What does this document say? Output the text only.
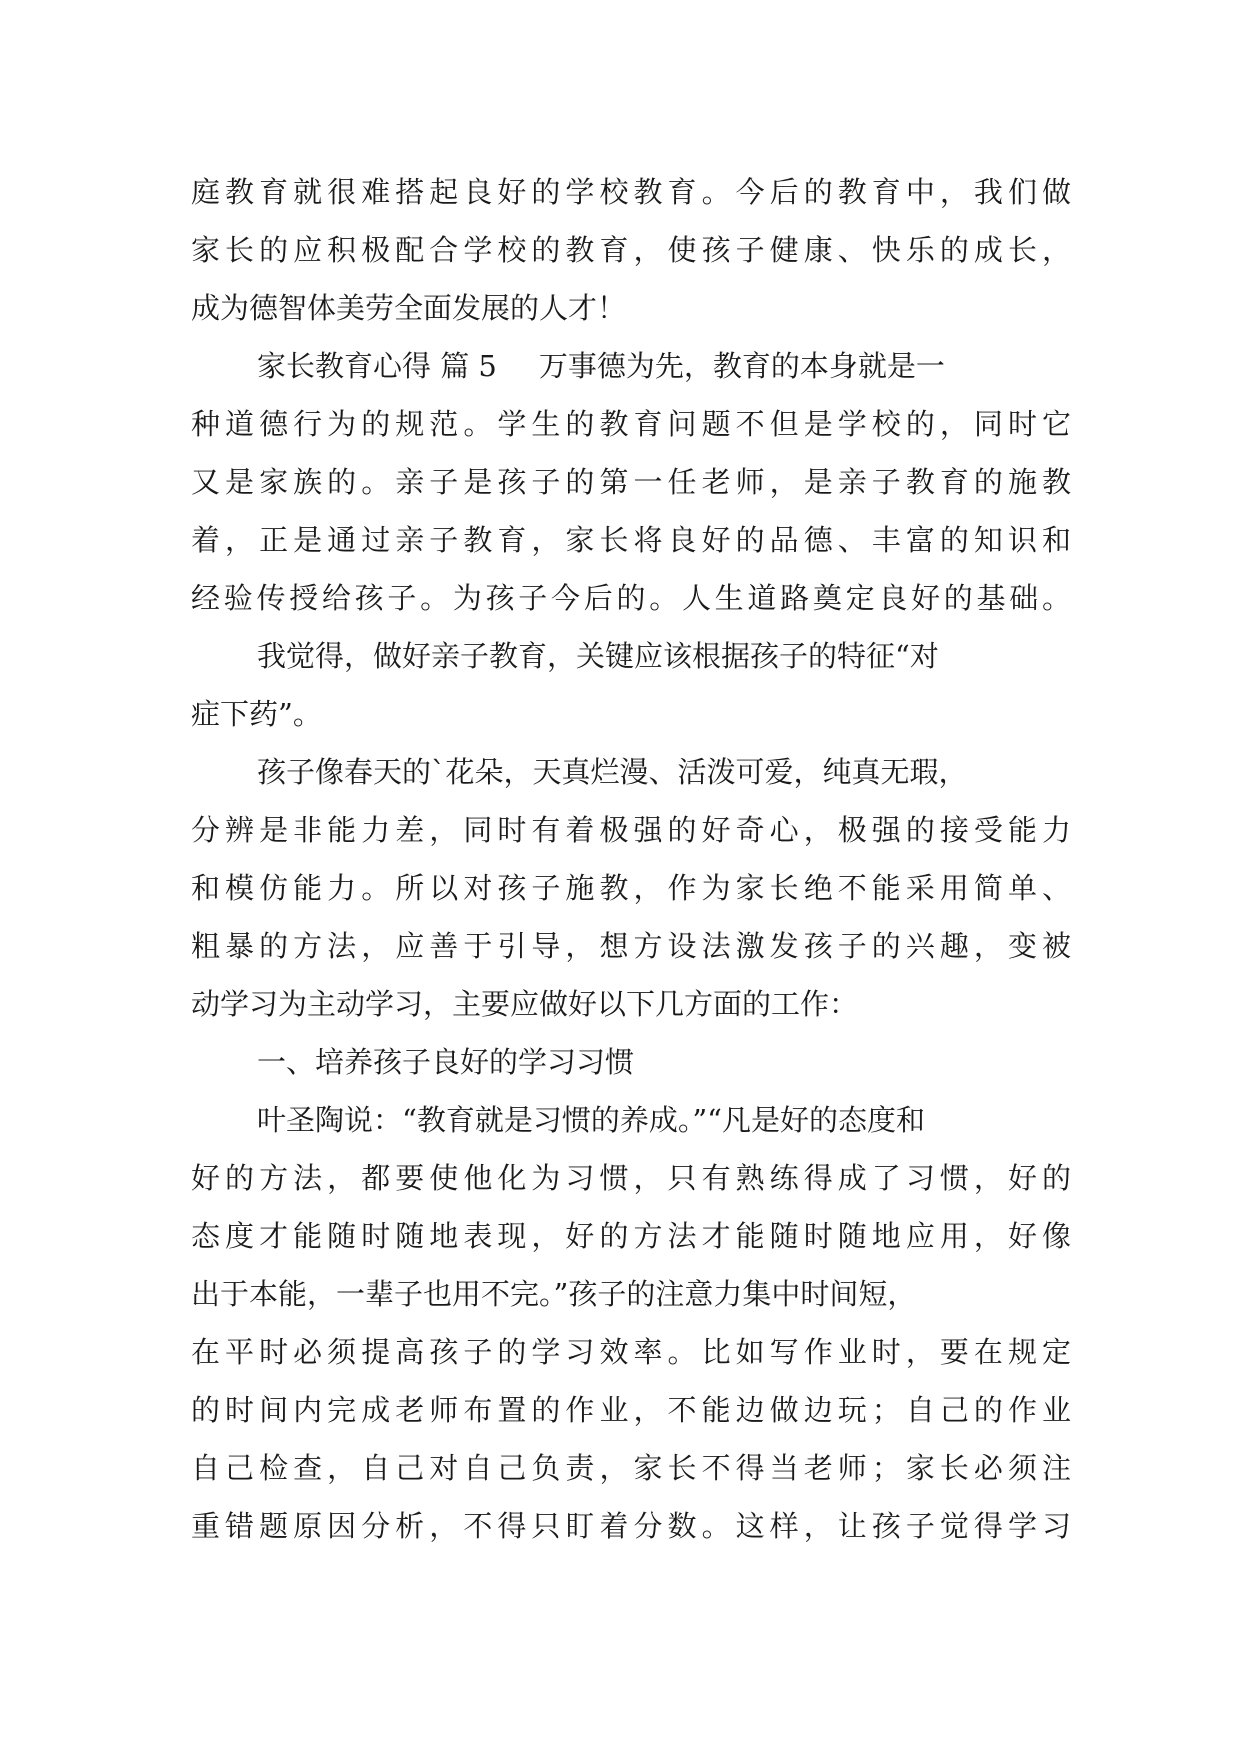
庭教育就很难搭起良好的学校教育。今后的教育中，我们做
家长的应积极配合学校的教育，使孩子健康、快乐的成长，
成为德智体美劳全面发展的人才！
家长教育心得 篇 5 万事德为先，教育的本身就是一
种道德行为的规范。学生的教育问题不但是学校的，同时它
又是家族的。亲子是孩子的第一任老师，是亲子教育的施教
着，正是通过亲子教育，家长将良好的品德、丰富的知识和
经验传授给孩子。为孩子今后的。人生道路奠定良好的基础。
我觉得，做好亲子教育，关键应该根据孩子的特征“对
症下药”。
孩子像春天的`花朵，天真烂漫、活泼可爱，纯真无瑕，
分辨是非能力差，同时有着极强的好奇心，极强的接受能力
和模仿能力。所以对孩子施教，作为家长绝不能采用简单、
粗暴的方法，应善于引导，想方设法激发孩子的兴趣，变被
动学习为主动学习，主要应做好以下几方面的工作：
一、培养孩子良好的学习习惯
叶圣陶说：“教育就是习惯的养成。”“凡是好的态度和
好的方法，都要使他化为习惯，只有熟练得成了习惯，好的
态度才能随时随地表现，好的方法才能随时随地应用，好像
出于本能，一辈子也用不完。”孩子的注意力集中时间短，
在平时必须提高孩子的学习效率。比如写作业时，要在规定
的时间内完成老师布置的作业，不能边做边玩；自己的作业
自己检查，自己对自己负责，家长不得当老师；家长必须注
重错题原因分析，不得只盯着分数。这样，让孩子觉得学习
